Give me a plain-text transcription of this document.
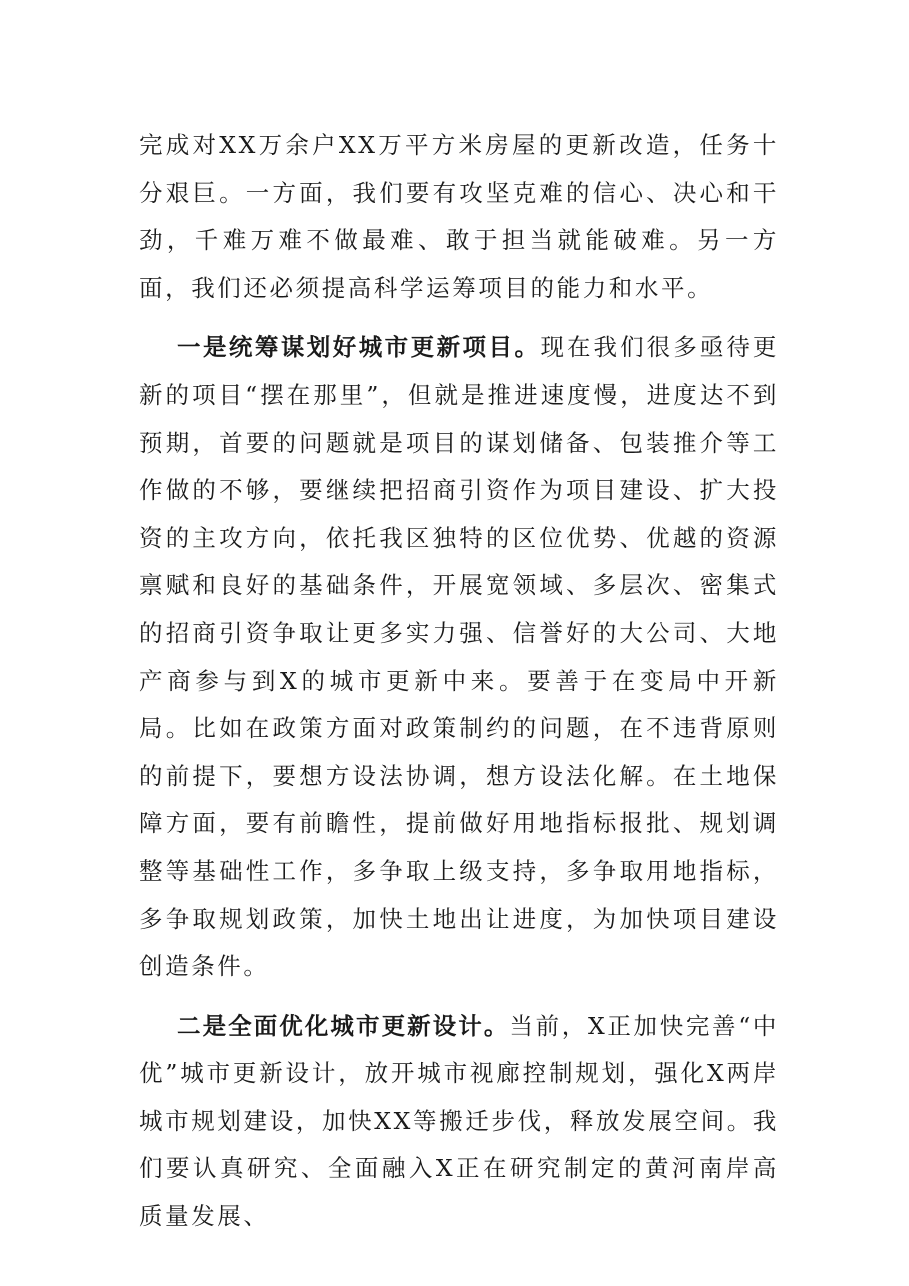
完成对XX万余户XX万平方米房屋的更新改造，任务十分艰巨。一方面，我们要有攻坚克难的信心、决心和干劲，千难万难不做最难、敢于担当就能破难。另一方面，我们还必须提高科学运筹项目的能力和水平。

一是统筹谋划好城市更新项目。现在我们很多亟待更新的项目“摆在那里”，但就是推进速度慢，进度达不到预期，首要的问题就是项目的谋划储备、包装推介等工作做的不够，要继续把招商引资作为项目建设、扩大投资的主攻方向，依托我区独特的区位优势、优越的资源禀赋和良好的基础条件，开展宽领域、多层次、密集式的招商引资争取让更多实力强、信誉好的大公司、大地产商参与到X的城市更新中来。要善于在变局中开新局。比如在政策方面对政策制约的问题，在不违背原则的前提下，要想方设法协调，想方设法化解。在土地保障方面，要有前瞻性，提前做好用地指标报批、规划调整等基础性工作，多争取上级支持，多争取用地指标，多争取规划政策，加快土地出让进度，为加快项目建设创造条件。

二是全面优化城市更新设计。当前，X正加快完善“中优”城市更新设计，放开城市视廊控制规划，强化X两岸城市规划建设，加快XX等搬迁步伐，释放发展空间。我们要认真研究、全面融入X正在研究制定的黄河南岸高质量发展、
